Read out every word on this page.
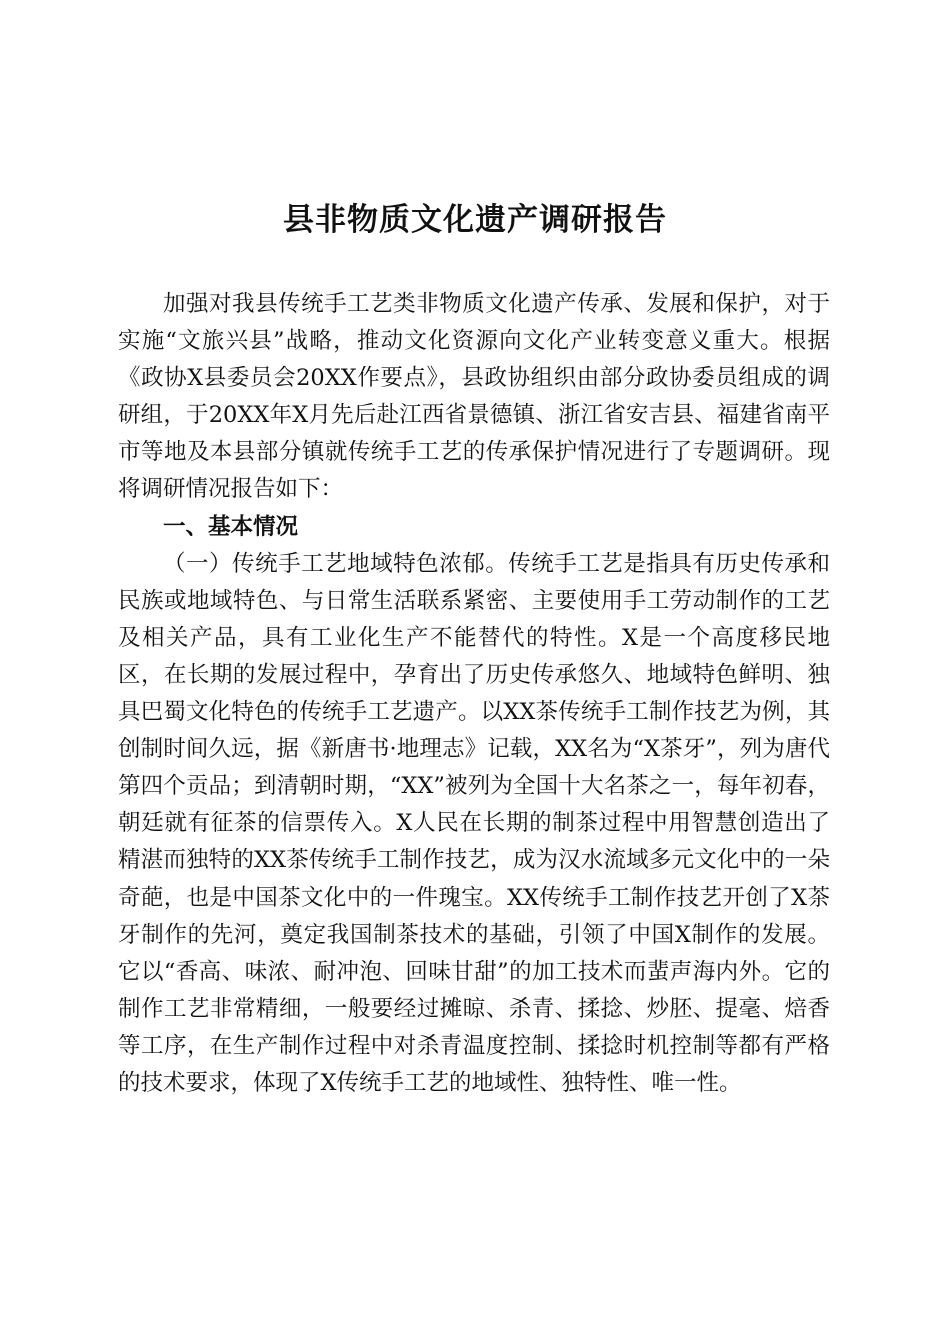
县非物质文化遗产调研报告

加强对我县传统手工艺类非物质文化遗产传承、发展和保护，对于实施“文旅兴县”战略，推动文化资源向文化产业转变意义重大。根据《政协X县委员会20XX作要点》，县政协组织由部分政协委员组成的调研组，于20XX年X月先后赴江西省景德镇、浙江省安吉县、福建省南平市等地及本县部分镇就传统手工艺的传承保护情况进行了专题调研。现将调研情况报告如下：

一、基本情况

（一）传统手工艺地域特色浓郁。传统手工艺是指具有历史传承和民族或地域特色、与日常生活联系紧密、主要使用手工劳动制作的工艺及相关产品，具有工业化生产不能替代的特性。X是一个高度移民地区，在长期的发展过程中，孕育出了历史传承悠久、地域特色鲜明、独具巴蜀文化特色的传统手工艺遗产。以XX茶传统手工制作技艺为例，其创制时间久远，据《新唐书·地理志》记载，XX名为“X茶牙”，列为唐代第四个贡品；到清朝时期，“XX”被列为全国十大名茶之一，每年初春，朝廷就有征茶的信票传入。X人民在长期的制茶过程中用智慧创造出了精湛而独特的XX茶传统手工制作技艺，成为汉水流域多元文化中的一朵奇葩，也是中国茶文化中的一件瑰宝。XX传统手工制作技艺开创了X茶牙制作的先河，奠定我国制茶技术的基础，引领了中国X制作的发展。它以“香高、味浓、耐冲泡、回味甘甜”的加工技术而蜚声海内外。它的制作工艺非常精细，一般要经过摊晾、杀青、揉捻、炒胚、提毫、焙香等工序，在生产制作过程中对杀青温度控制、揉捻时机控制等都有严格的技术要求，体现了X传统手工艺的地域性、独特性、唯一性。
